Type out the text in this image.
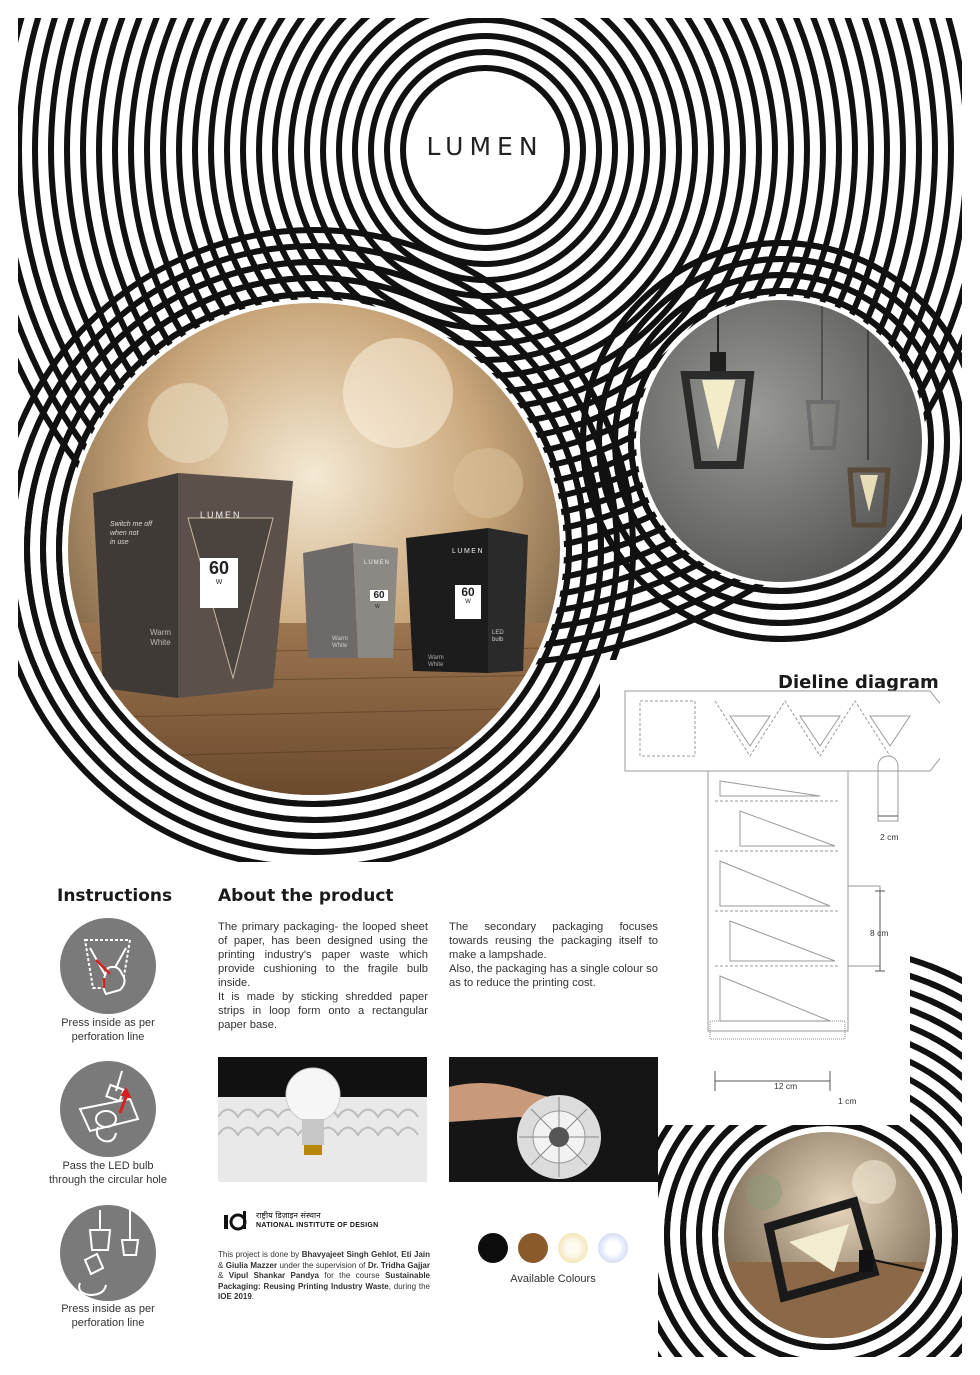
LUMEN
LUMEN
Switch me off
when not
in use
60
W
Warm
White
LUMEN
60
W
Warm
White
LUMEN
60
W
Warm
White
LED
bulb
Dieline diagram
2 cm
8 cm
12 cm
1 cm
Instructions
Press inside as per
perforation line
Pass the LED bulb
through the circular hole
Press inside as per
perforation line
About the product
The primary packaging- the looped sheet of paper, has been designed using the printing industry's paper waste which provide cushioning to the fragile bulb inside.
It is made by sticking shredded paper strips in loop form onto a rectangular paper base.
The secondary packaging focuses towards reusing the packaging itself to make a lampshade.
Also, the packaging has a single colour so as to reduce the printing cost.
राष्ट्रीय डिज़ाइन संस्थान
NATIONAL INSTITUTE OF DESIGN
This project is done by Bhavyajeet Singh Gehlot, Eti Jain & Giulia Mazzer under the supervision of Dr. Tridha Gajjar & Vipul Shankar Pandya for the course Sustainable Packaging: Reusing Printing Industry Waste, during the IOE 2019.
Available Colours
